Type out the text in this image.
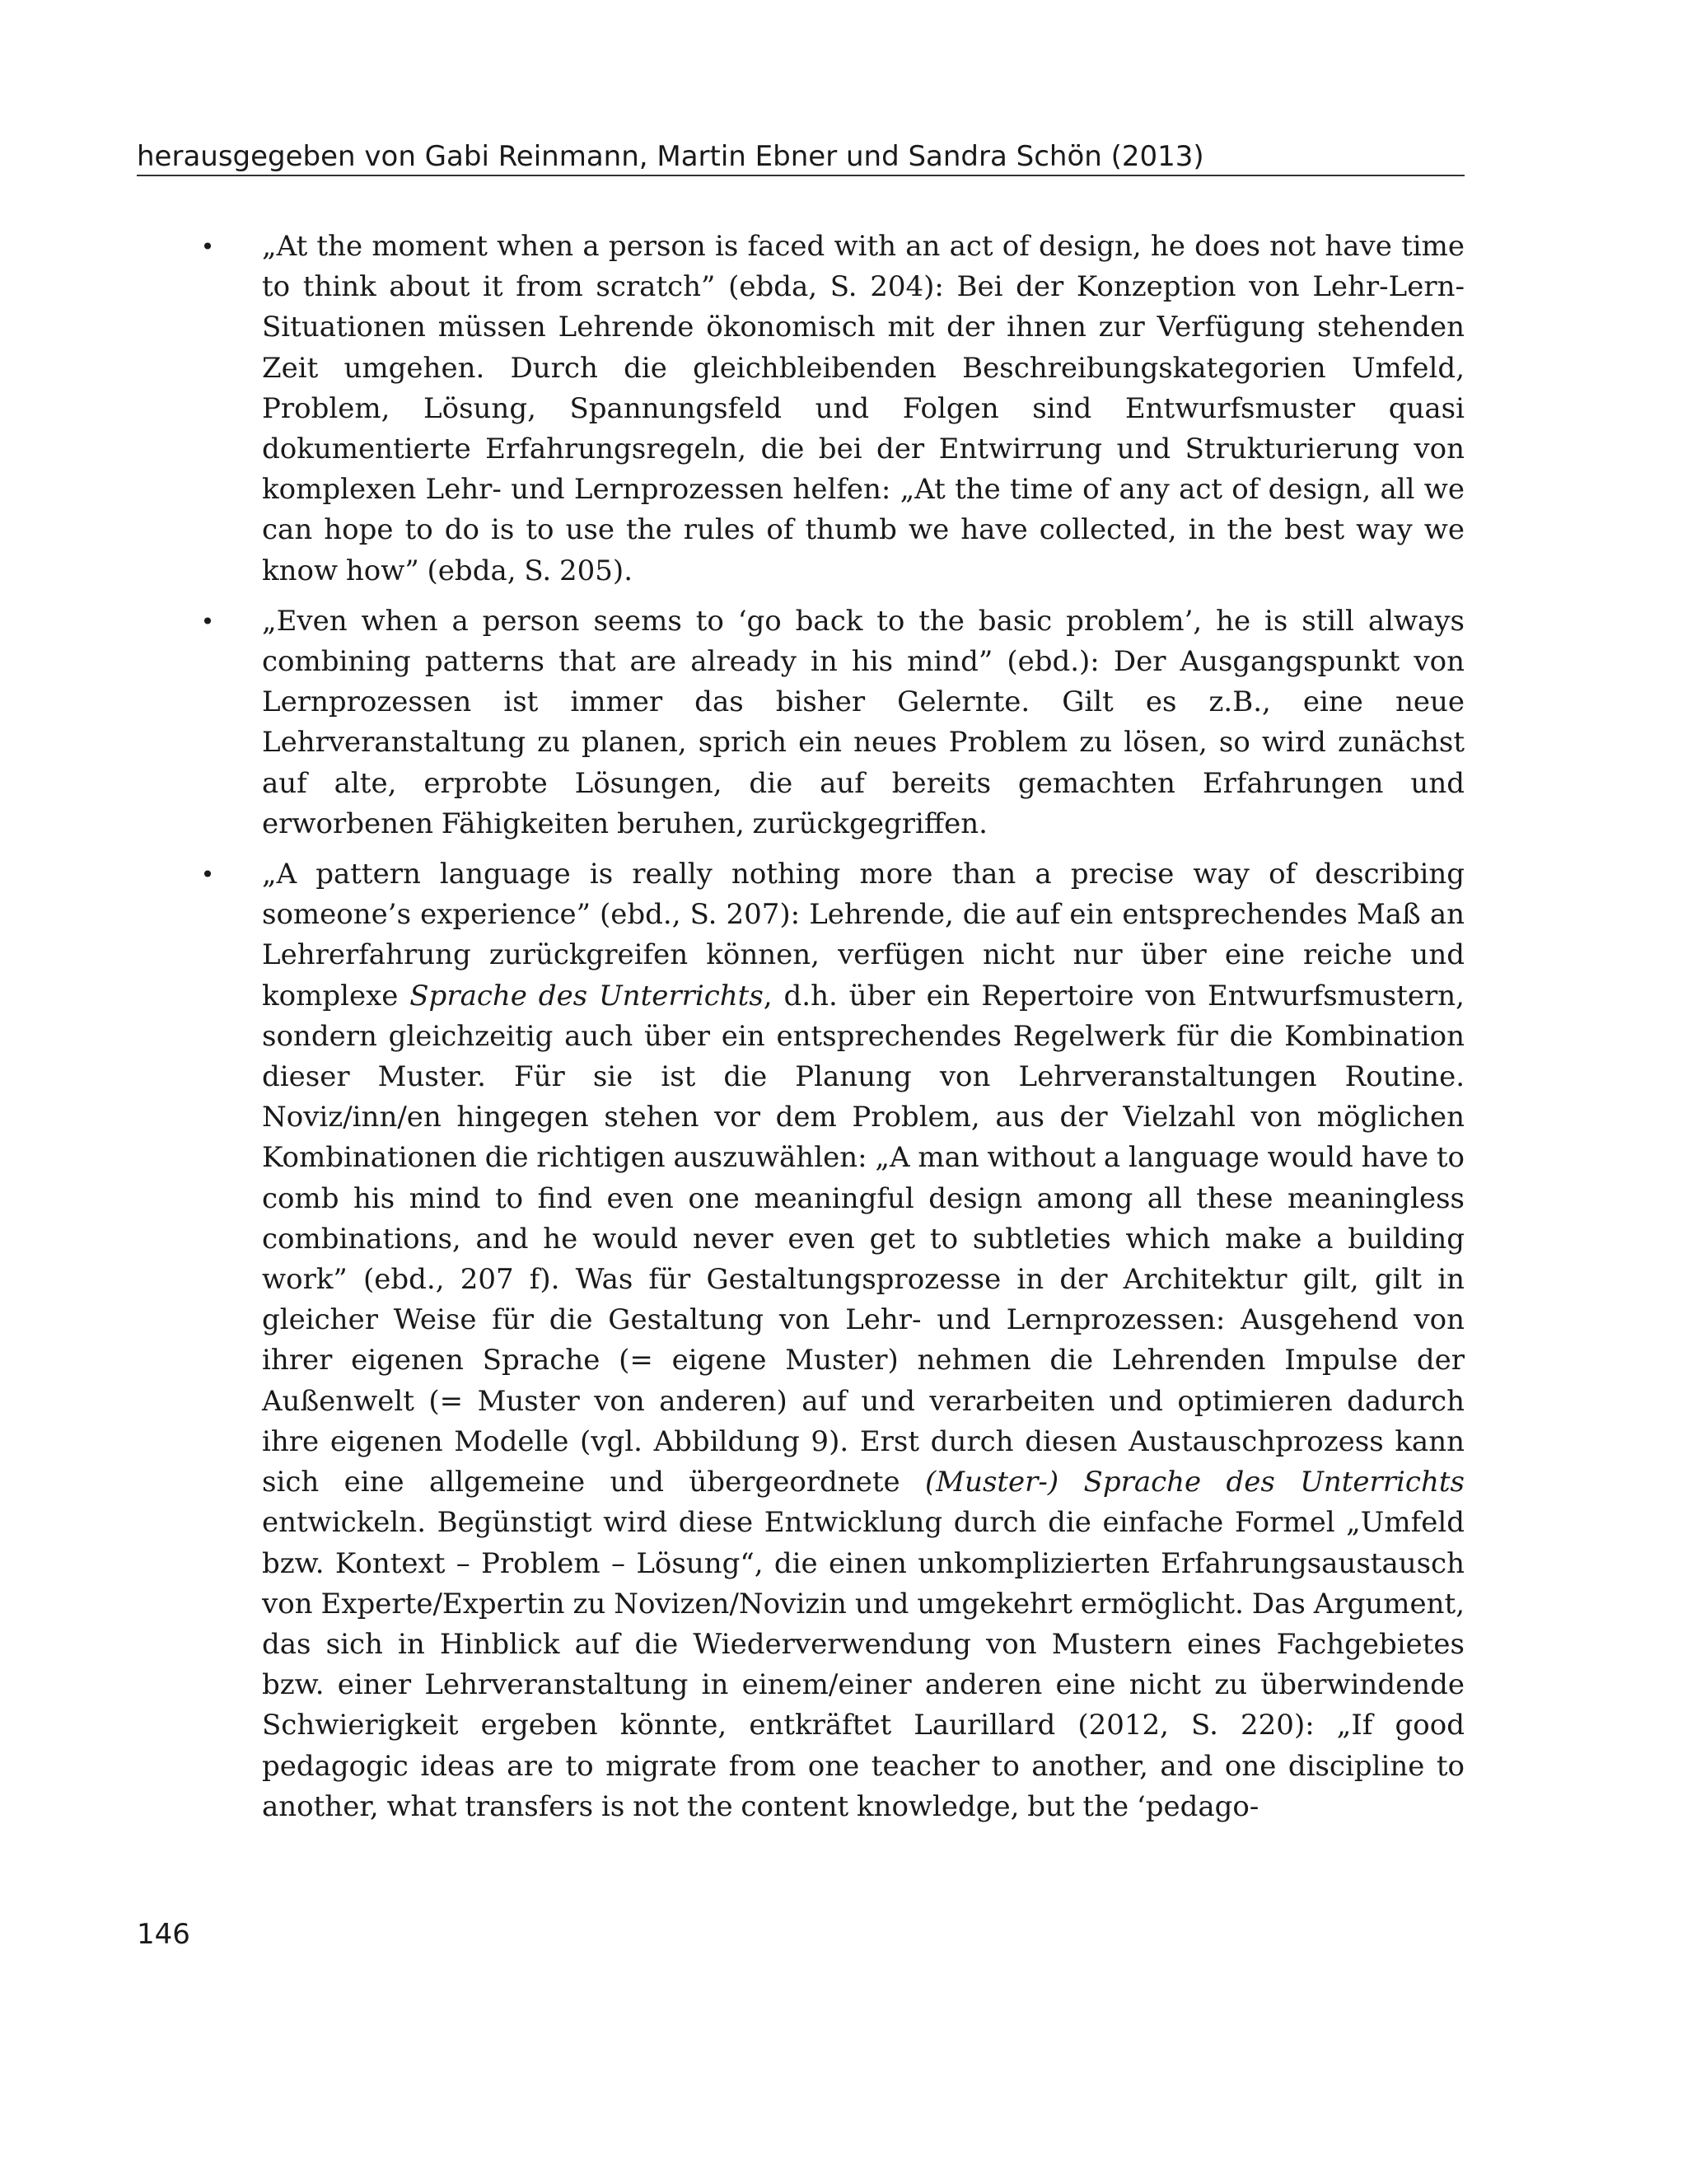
herausgegeben von Gabi Reinmann, Martin Ebner und Sandra Schön (2013)
• „At the moment when a person is faced with an act of design, he does not have time to think about it from scratch” (ebda, S. 204): Bei der Konzeption von Lehr-Lern-Situationen müssen Lehrende ökonomisch mit der ihnen zur Verfügung stehenden Zeit umgehen. Durch die gleichbleibenden Beschreibungskategorien Umfeld, Problem, Lösung, Spannungsfeld und Folgen sind Entwurfsmuster quasi dokumentierte Erfahrungsregeln, die bei der Entwirrung und Strukturierung von komplexen Lehr- und Lernprozessen helfen: „At the time of any act of design, all we can hope to do is to use the rules of thumb we have collected, in the best way we know how” (ebda, S. 205).
• „Even when a person seems to ‘go back to the basic problem’, he is still always combining patterns that are already in his mind” (ebd.): Der Ausgangspunkt von Lernprozessen ist immer das bisher Gelernte. Gilt es z.B., eine neue Lehrveranstaltung zu planen, sprich ein neues Problem zu lösen, so wird zunächst auf alte, erprobte Lösungen, die auf bereits gemachten Erfahrungen und erworbenen Fähigkeiten beruhen, zurückgegriffen.
• „A pattern language is really nothing more than a precise way of describing someone’s experience” (ebd., S. 207): Lehrende, die auf ein entsprechendes Maß an Lehrerfahrung zurückgreifen können, verfügen nicht nur über eine reiche und komplexe Sprache des Unterrichts, d.h. über ein Repertoire von Entwurfsmustern, sondern gleichzeitig auch über ein entsprechendes Regelwerk für die Kombination dieser Muster. Für sie ist die Planung von Lehrveranstaltungen Routine. Noviz/inn/en hingegen stehen vor dem Problem, aus der Vielzahl von möglichen Kombinationen die richtigen auszuwählen: „A man without a language would have to comb his mind to find even one meaningful design among all these meaningless combinations, and he would never even get to subtleties which make a building work” (ebd., 207 f). Was für Gestaltungsprozesse in der Architektur gilt, gilt in gleicher Weise für die Gestaltung von Lehr- und Lernprozessen: Ausgehend von ihrer eigenen Sprache (= eigene Muster) nehmen die Lehrenden Impulse der Außenwelt (= Muster von anderen) auf und verarbeiten und optimieren dadurch ihre eigenen Modelle (vgl. Abbildung 9). Erst durch diesen Austauschprozess kann sich eine allgemeine und übergeordnete (Muster-) Sprache des Unterrichts entwickeln. Begünstigt wird diese Entwicklung durch die einfache Formel „Umfeld bzw. Kontext – Problem – Lösung“, die einen unkomplizierten Erfahrungsaustausch von Experte/Expertin zu Novizen/Novizin und umgekehrt ermöglicht. Das Argument, das sich in Hinblick auf die Wiederverwendung von Mustern eines Fachgebietes bzw. einer Lehrveranstaltung in einem/einer anderen eine nicht zu überwindende Schwierigkeit ergeben könnte, entkräftet Laurillard (2012, S. 220): „If good pedagogic ideas are to migrate from one teacher to another, and one discipline to another, what transfers is not the content knowledge, but the ‘pedago-
146
